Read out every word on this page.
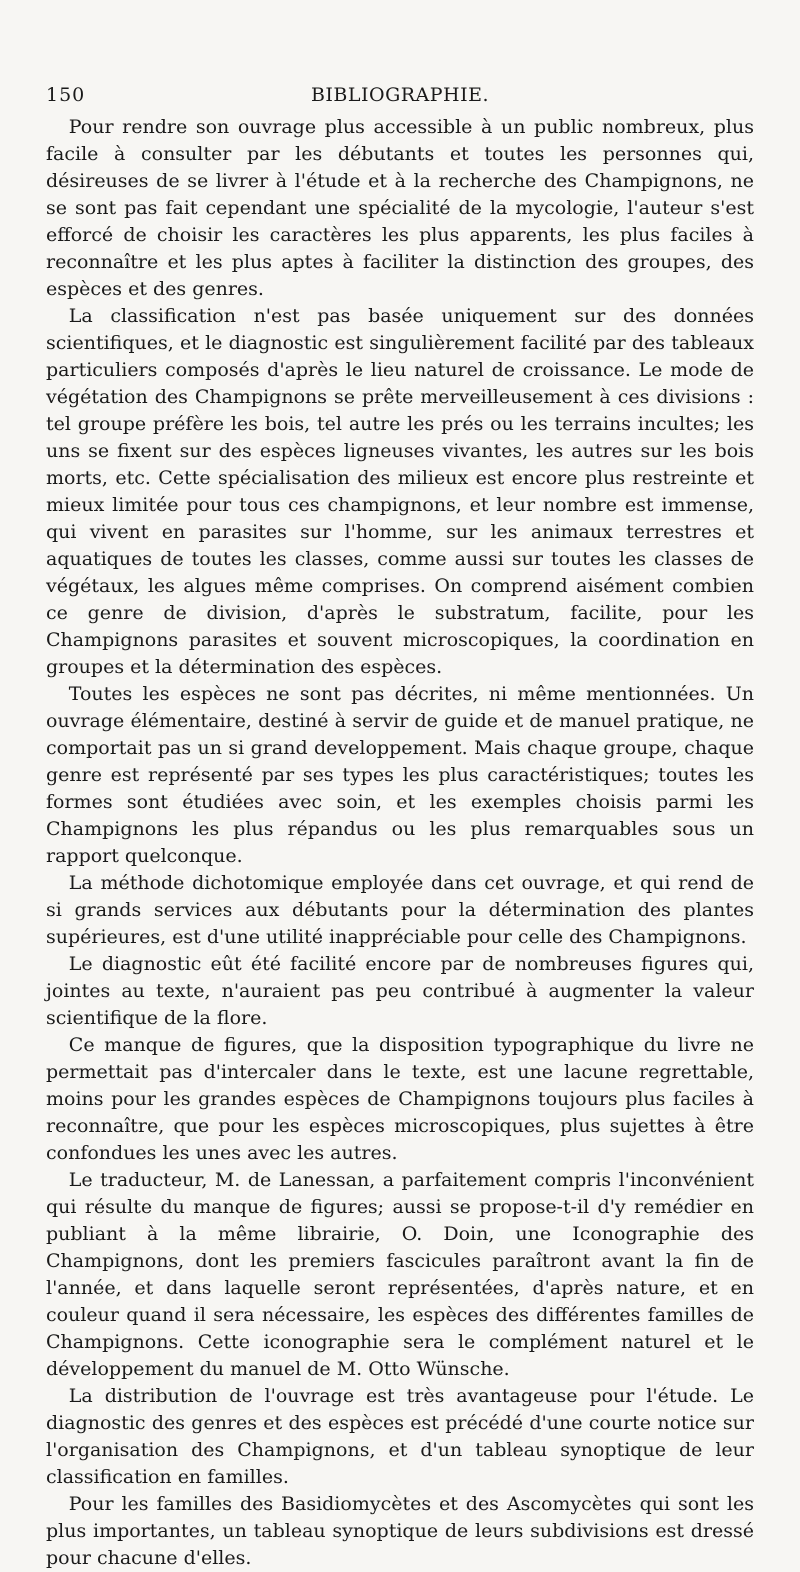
150	BIBLIOGRAPHIE.

Pour rendre son ouvrage plus accessible à un public nombreux, plus facile à consulter par les débutants et toutes les personnes qui, désireuses de se livrer à l'étude et à la recherche des Champignons, ne se sont pas fait cependant une spécialité de la mycologie, l'auteur s'est efforcé de choisir les caractères les plus apparents, les plus faciles à reconnaître et les plus aptes à faciliter la distinction des groupes, des espèces et des genres.

La classification n'est pas basée uniquement sur des données scientifiques, et le diagnostic est singulièrement facilité par des tableaux particuliers composés d'après le lieu naturel de croissance. Le mode de végétation des Champignons se prête merveilleusement à ces divisions : tel groupe préfère les bois, tel autre les prés ou les terrains incultes; les uns se fixent sur des espèces ligneuses vivantes, les autres sur les bois morts, etc. Cette spécialisation des milieux est encore plus restreinte et mieux limitée pour tous ces champignons, et leur nombre est immense, qui vivent en parasites sur l'homme, sur les animaux terrestres et aquatiques de toutes les classes, comme aussi sur toutes les classes de végétaux, les algues même comprises. On comprend aisément combien ce genre de division, d'après le substratum, facilite, pour les Champignons parasites et souvent microscopiques, la coordination en groupes et la détermination des espèces.

Toutes les espèces ne sont pas décrites, ni même mentionnées. Un ouvrage élémentaire, destiné à servir de guide et de manuel pratique, ne comportait pas un si grand developpement. Mais chaque groupe, chaque genre est représenté par ses types les plus caractéristiques; toutes les formes sont étudiées avec soin, et les exemples choisis parmi les Champignons les plus répandus ou les plus remarquables sous un rapport quelconque.

La méthode dichotomique employée dans cet ouvrage, et qui rend de si grands services aux débutants pour la détermination des plantes supérieures, est d'une utilité inappréciable pour celle des Champignons.

Le diagnostic eût été facilité encore par de nombreuses figures qui, jointes au texte, n'auraient pas peu contribué à augmenter la valeur scientifique de la flore.

Ce manque de figures, que la disposition typographique du livre ne permettait pas d'intercaler dans le texte, est une lacune regrettable, moins pour les grandes espèces de Champignons toujours plus faciles à reconnaître, que pour les espèces microscopiques, plus sujettes à être confondues les unes avec les autres.

Le traducteur, M. de Lanessan, a parfaitement compris l'inconvénient qui résulte du manque de figures; aussi se propose-t-il d'y remédier en publiant à la même librairie, O. Doin, une Iconographie des Champignons, dont les premiers fascicules paraîtront avant la fin de l'année, et dans laquelle seront représentées, d'après nature, et en couleur quand il sera nécessaire, les espèces des différentes familles de Champignons. Cette iconographie sera le complément naturel et le développement du manuel de M. Otto Wünsche.

La distribution de l'ouvrage est très avantageuse pour l'étude. Le diagnostic des genres et des espèces est précédé d'une courte notice sur l'organisation des Champignons, et d'un tableau synoptique de leur classification en familles.

Pour les familles des Basidiomycètes et des Ascomycètes qui sont les plus importantes, un tableau synoptique de leurs subdivisions est dressé pour chacune d'elles.
